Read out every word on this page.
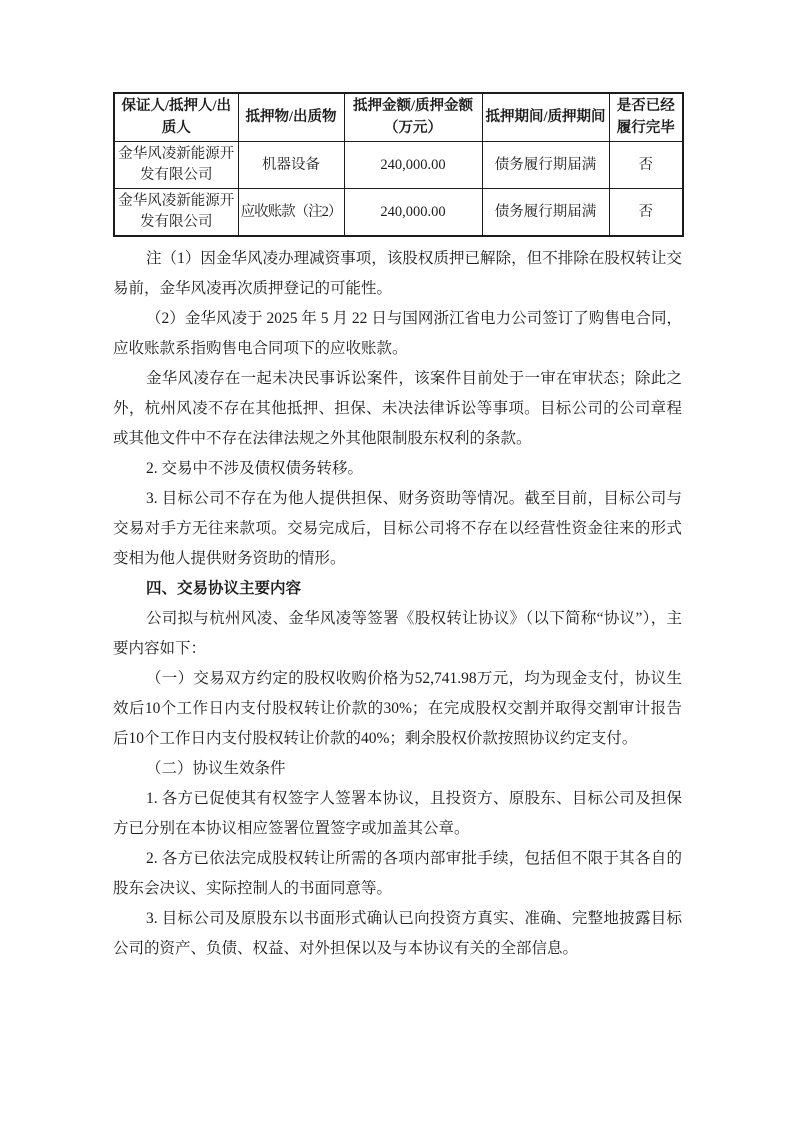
保证人/抵押人/出质人	抵押物/出质物	抵押金额/质押金额（万元）	抵押期间/质押期间	是否已经履行完毕
金华风凌新能源开发有限公司	机器设备	240,000.00	债务履行期届满	否
金华风凌新能源开发有限公司	应收账款（注2）	240,000.00	债务履行期届满	否

注（1）因金华风凌办理减资事项，该股权质押已解除，但不排除在股权转让交易前，金华风凌再次质押登记的可能性。

（2）金华风凌于 2025 年 5 月 22 日与国网浙江省电力公司签订了购售电合同，应收账款系指购售电合同项下的应收账款。

金华风凌存在一起未决民事诉讼案件，该案件目前处于一审在审状态；除此之外，杭州风凌不存在其他抵押、担保、未决法律诉讼等事项。目标公司的公司章程或其他文件中不存在法律法规之外其他限制股东权利的条款。

2. 交易中不涉及债权债务转移。

3. 目标公司不存在为他人提供担保、财务资助等情况。截至目前，目标公司与交易对手方无往来款项。交易完成后，目标公司将不存在以经营性资金往来的形式变相为他人提供财务资助的情形。

四、交易协议主要内容

公司拟与杭州风凌、金华风凌等签署《股权转让协议》（以下简称“协议”），主要内容如下：

（一）交易双方约定的股权收购价格为52,741.98万元，均为现金支付，协议生效后10个工作日内支付股权转让价款的30%；在完成股权交割并取得交割审计报告后10个工作日内支付股权转让价款的40%；剩余股权价款按照协议约定支付。

（二）协议生效条件

1. 各方已促使其有权签字人签署本协议，且投资方、原股东、目标公司及担保方已分别在本协议相应签署位置签字或加盖其公章。

2. 各方已依法完成股权转让所需的各项内部审批手续，包括但不限于其各自的股东会决议、实际控制人的书面同意等。

3. 目标公司及原股东以书面形式确认已向投资方真实、准确、完整地披露目标公司的资产、负债、权益、对外担保以及与本协议有关的全部信息。
